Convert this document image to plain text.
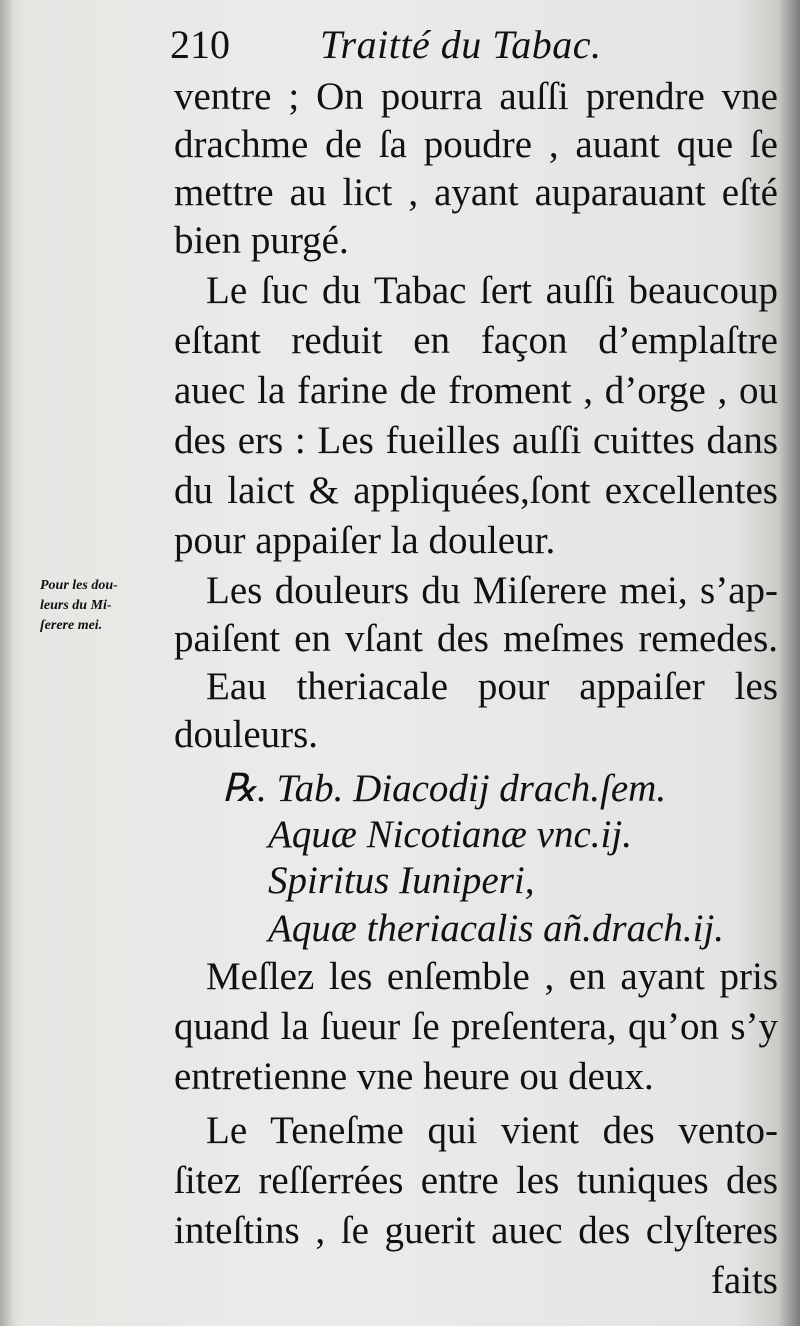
210 Traitté du Tabac.
Pour les dou-
leurs du Mi-
ſerere mei.
ventre ; On pourra auſſi prendre vne
drachme de ſa poudre , auant que ſe
mettre au lict , ayant auparauant eſté
bien purgé.
Le ſuc du Tabac ſert auſſi beaucoup
eſtant reduit en façon d’emplaſtre
auec la farine de froment , d’orge , ou
des ers : Les fueilles auſſi cuittes dans
du laict & appliquées,ſont excellentes
pour appaiſer la douleur.
Les douleurs du Miſerere mei, s’ap-
paiſent en vſant des meſmes remedes.
Eau theriacale pour appaiſer les
douleurs.
℞. Tab. Diacodij drach.ſem.
Aquæ Nicotianæ vnc.ij.
Spiritus Iuniperi,
Aquæ theriacalis añ.drach.ij.
Meſlez les enſemble , en ayant pris
quand la ſueur ſe preſentera, qu’on s’y
entretienne vne heure ou deux.
Le Teneſme qui vient des vento-
ſitez reſſerrées entre les tuniques des
inteſtins , ſe guerit auec des clyſteres
faits
